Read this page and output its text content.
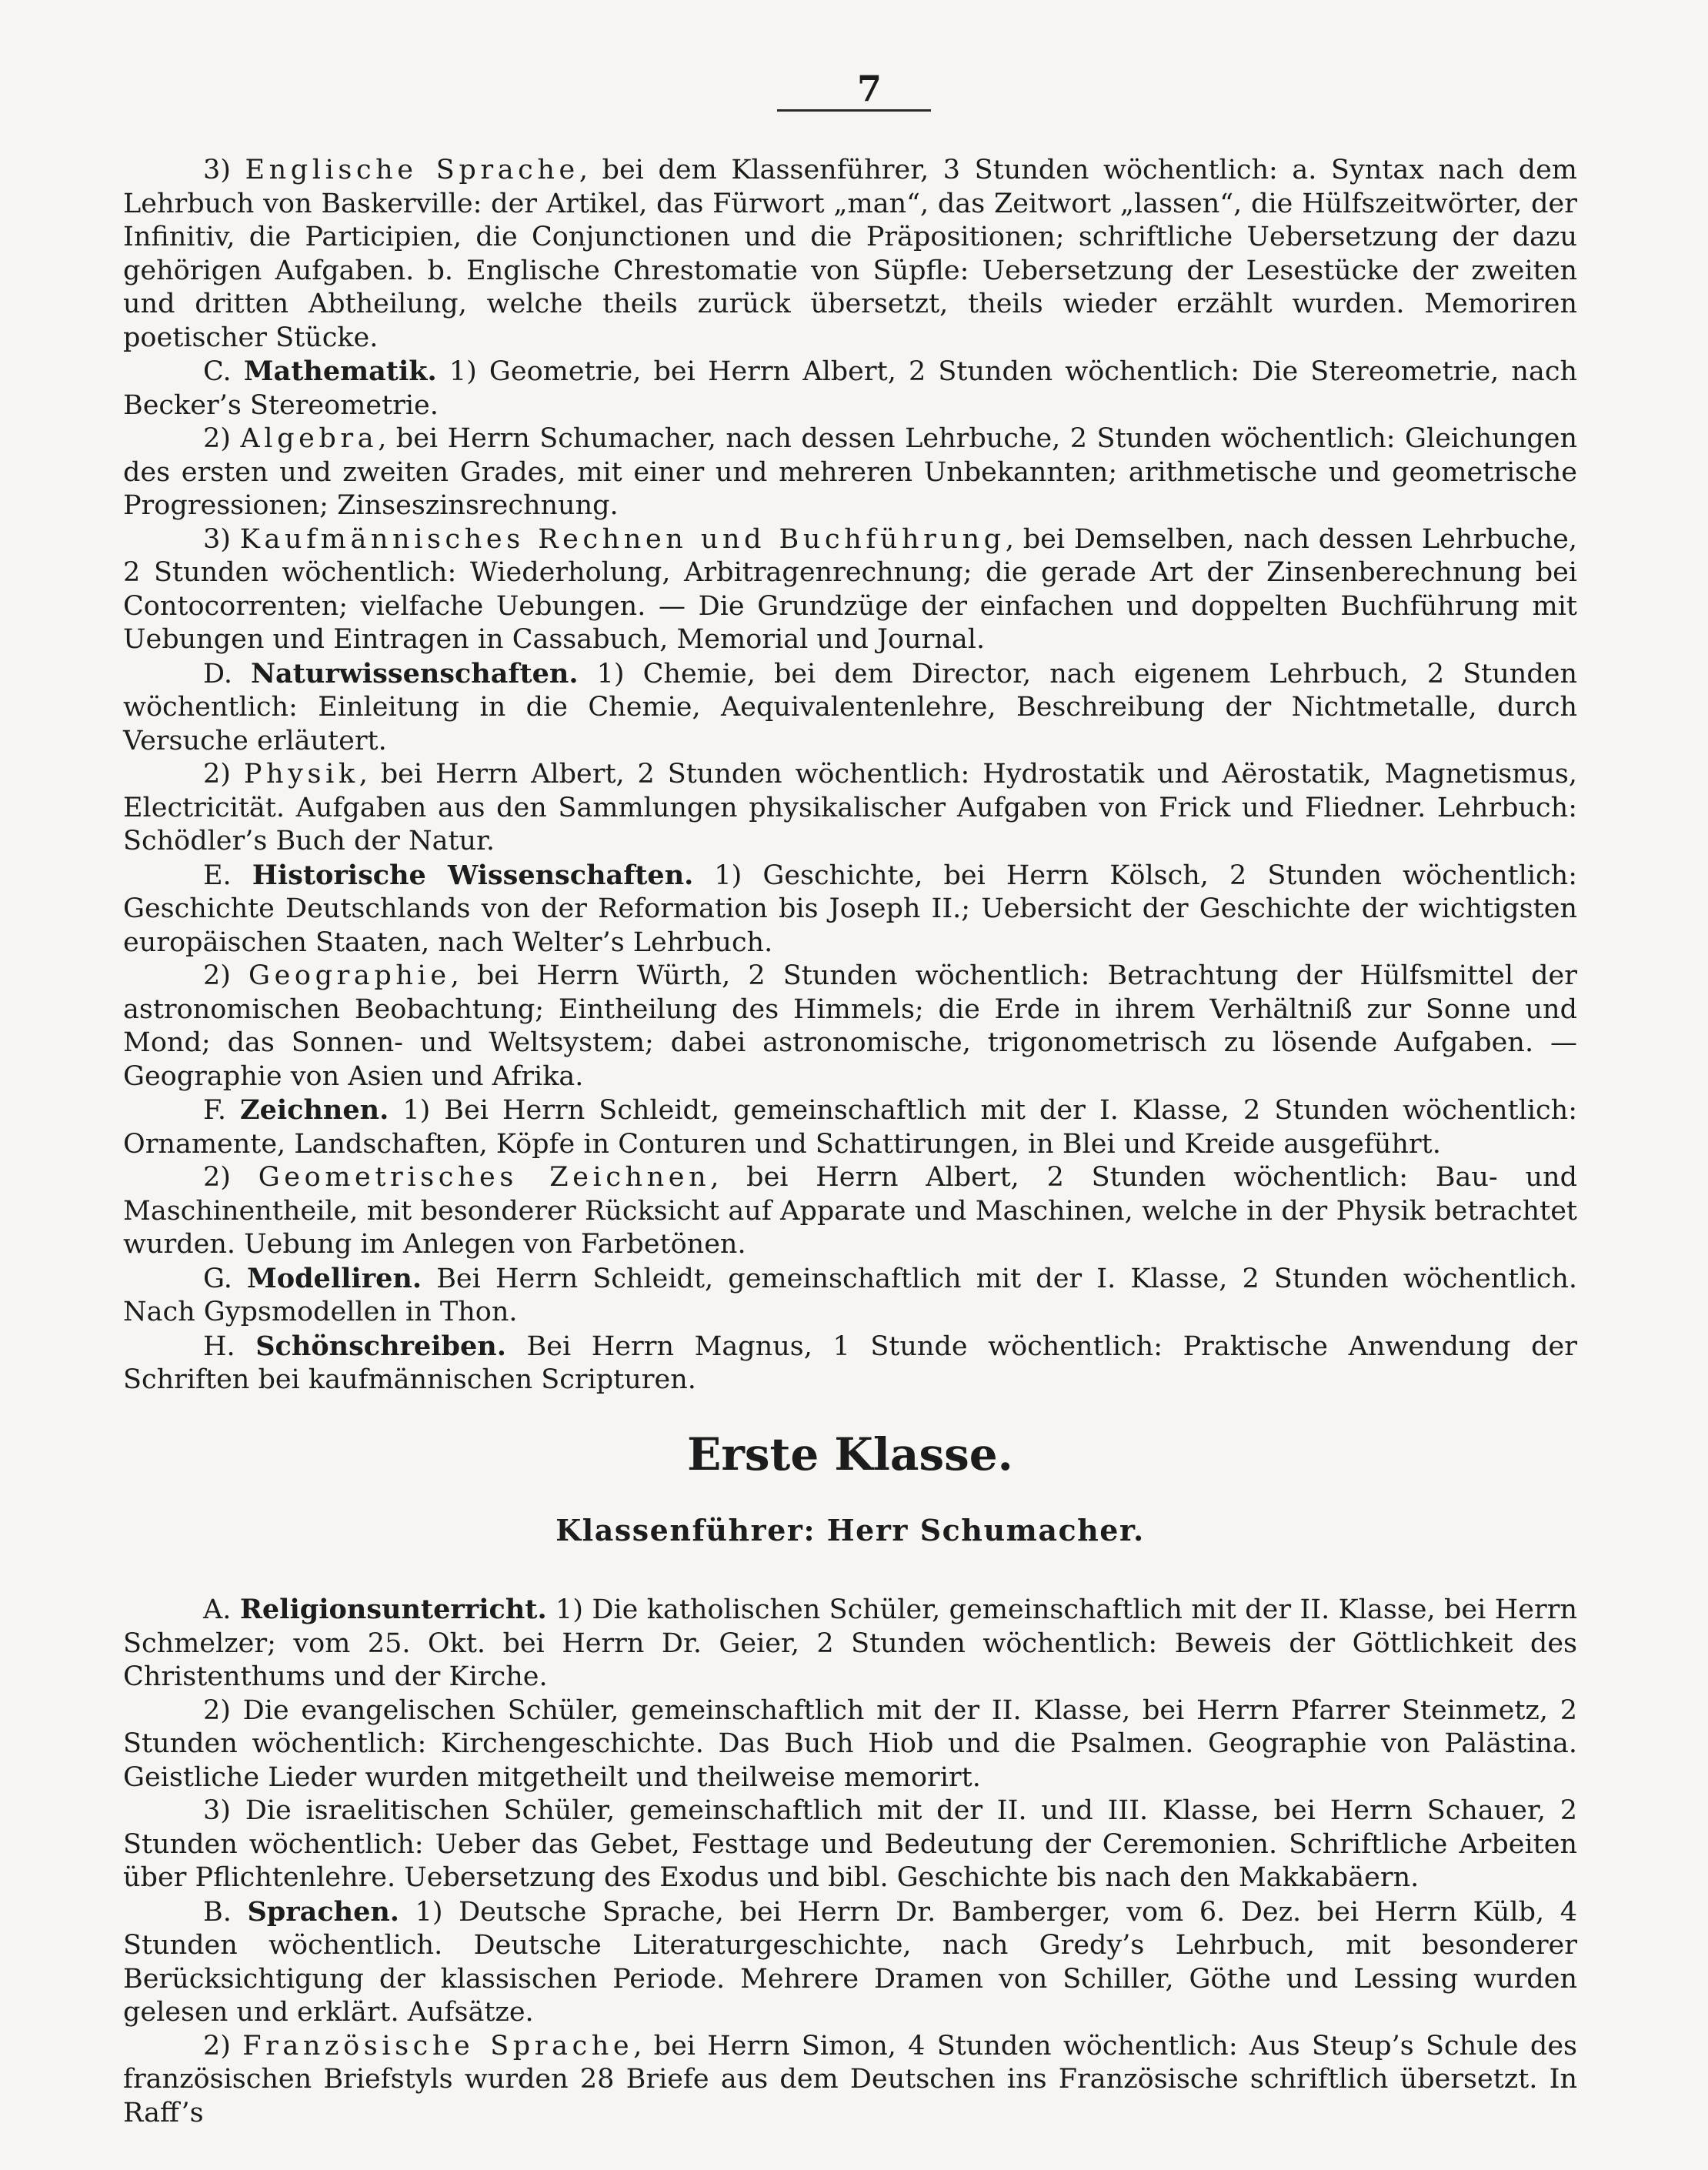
7

3) Englische Sprache, bei dem Klassenführer, 3 Stunden wöchentlich: a. Syntax nach dem Lehrbuch von Baskerville: der Artikel, das Fürwort „man“, das Zeitwort „lassen“, die Hülfszeitwörter, der Infinitiv, die Participien, die Conjunctionen und die Präpositionen; schriftliche Uebersetzung der dazu gehörigen Aufgaben. b. Englische Chrestomatie von Süpfle: Uebersetzung der Lesestücke der zweiten und dritten Abtheilung, welche theils zurück übersetzt, theils wieder erzählt wurden. Memoriren poetischer Stücke.

C. Mathematik. 1) Geometrie, bei Herrn Albert, 2 Stunden wöchentlich: Die Stereometrie, nach Becker’s Stereometrie.

2) Algebra, bei Herrn Schumacher, nach dessen Lehrbuche, 2 Stunden wöchentlich: Gleichungen des ersten und zweiten Grades, mit einer und mehreren Unbekannten; arithmetische und geometrische Progressionen; Zinseszinsrechnung.

3) Kaufmännisches Rechnen und Buchführung, bei Demselben, nach dessen Lehrbuche, 2 Stunden wöchentlich: Wiederholung, Arbitragenrechnung; die gerade Art der Zinsenberechnung bei Contocorrenten; vielfache Uebungen. — Die Grundzüge der einfachen und doppelten Buchführung mit Uebungen und Eintragen in Cassabuch, Memorial und Journal.

D. Naturwissenschaften. 1) Chemie, bei dem Director, nach eigenem Lehrbuch, 2 Stunden wöchentlich: Einleitung in die Chemie, Aequivalentenlehre, Beschreibung der Nichtmetalle, durch Versuche erläutert.

2) Physik, bei Herrn Albert, 2 Stunden wöchentlich: Hydrostatik und Aërostatik, Magnetismus, Electricität. Aufgaben aus den Sammlungen physikalischer Aufgaben von Frick und Fliedner. Lehrbuch: Schödler’s Buch der Natur.

E. Historische Wissenschaften. 1) Geschichte, bei Herrn Kölsch, 2 Stunden wöchentlich: Geschichte Deutschlands von der Reformation bis Joseph II.; Uebersicht der Geschichte der wichtigsten europäischen Staaten, nach Welter’s Lehrbuch.

2) Geographie, bei Herrn Würth, 2 Stunden wöchentlich: Betrachtung der Hülfsmittel der astronomischen Beobachtung; Eintheilung des Himmels; die Erde in ihrem Verhältniß zur Sonne und Mond; das Sonnen- und Weltsystem; dabei astronomische, trigonometrisch zu lösende Aufgaben. — Geographie von Asien und Afrika.

F. Zeichnen. 1) Bei Herrn Schleidt, gemeinschaftlich mit der I. Klasse, 2 Stunden wöchentlich: Ornamente, Landschaften, Köpfe in Conturen und Schattirungen, in Blei und Kreide ausgeführt.

2) Geometrisches Zeichnen, bei Herrn Albert, 2 Stunden wöchentlich: Bau- und Maschinentheile, mit besonderer Rücksicht auf Apparate und Maschinen, welche in der Physik betrachtet wurden. Uebung im Anlegen von Farbetönen.

G. Modelliren. Bei Herrn Schleidt, gemeinschaftlich mit der I. Klasse, 2 Stunden wöchentlich. Nach Gypsmodellen in Thon.

H. Schönschreiben. Bei Herrn Magnus, 1 Stunde wöchentlich: Praktische Anwendung der Schriften bei kaufmännischen Scripturen.

Erste Klasse.
Klassenführer: Herr Schumacher.

A. Religionsunterricht. 1) Die katholischen Schüler, gemeinschaftlich mit der II. Klasse, bei Herrn Schmelzer; vom 25. Okt. bei Herrn Dr. Geier, 2 Stunden wöchentlich: Beweis der Göttlichkeit des Christenthums und der Kirche.

2) Die evangelischen Schüler, gemeinschaftlich mit der II. Klasse, bei Herrn Pfarrer Steinmetz, 2 Stunden wöchentlich: Kirchengeschichte. Das Buch Hiob und die Psalmen. Geographie von Palästina. Geistliche Lieder wurden mitgetheilt und theilweise memorirt.

3) Die israelitischen Schüler, gemeinschaftlich mit der II. und III. Klasse, bei Herrn Schauer, 2 Stunden wöchentlich: Ueber das Gebet, Festtage und Bedeutung der Ceremonien. Schriftliche Arbeiten über Pflichtenlehre. Uebersetzung des Exodus und bibl. Geschichte bis nach den Makkabäern.

B. Sprachen. 1) Deutsche Sprache, bei Herrn Dr. Bamberger, vom 6. Dez. bei Herrn Külb, 4 Stunden wöchentlich. Deutsche Literaturgeschichte, nach Gredy’s Lehrbuch, mit besonderer Berücksichtigung der klassischen Periode. Mehrere Dramen von Schiller, Göthe und Lessing wurden gelesen und erklärt. Aufsätze.

2) Französische Sprache, bei Herrn Simon, 4 Stunden wöchentlich: Aus Steup’s Schule des französischen Briefstyls wurden 28 Briefe aus dem Deutschen ins Französische schriftlich übersetzt. In Raff’s
